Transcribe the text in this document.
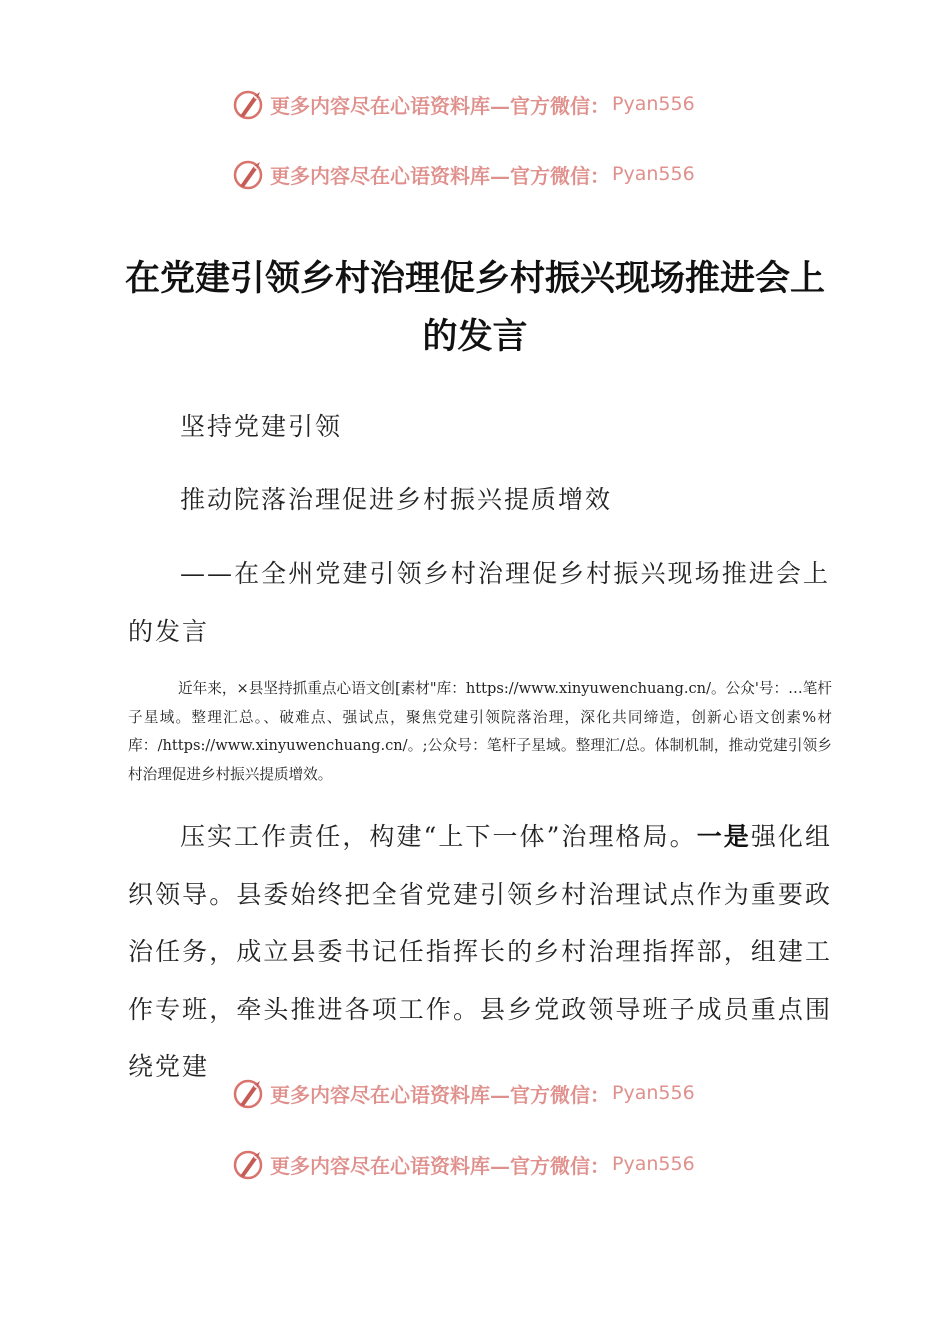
更多内容尽在心语资料库—官方微信： Pyan556
更多内容尽在心语资料库—官方微信： Pyan556
在党建引领乡村治理促乡村振兴现场推进会上的发言

坚持党建引领

推动院落治理促进乡村振兴提质增效

——在全州党建引领乡村治理促乡村振兴现场推进会上的发言

近年来，×县坚持抓重点心语文创[素材"库：https://www.xinyuwenchuang.cn/。公众'号：…笔杆子星域。整理汇总。、破难点、强试点，聚焦党建引领院落治理，深化共同缔造，创新心语文创素%材库：/https://www.xinyuwenchuang.cn/。;公众号：笔杆子星域。整理汇/总。体制机制，推动党建引领乡村治理促进乡村振兴提质增效。

压实工作责任，构建“上下一体”治理格局。一是强化组织领导。县委始终把全省党建引领乡村治理试点作为重要政治任务，成立县委书记任指挥长的乡村治理指挥部，组建工作专班，牵头推进各项工作。县乡党政领导班子成员重点围绕党建

更多内容尽在心语资料库—官方微信： Pyan556
更多内容尽在心语资料库—官方微信： Pyan556
